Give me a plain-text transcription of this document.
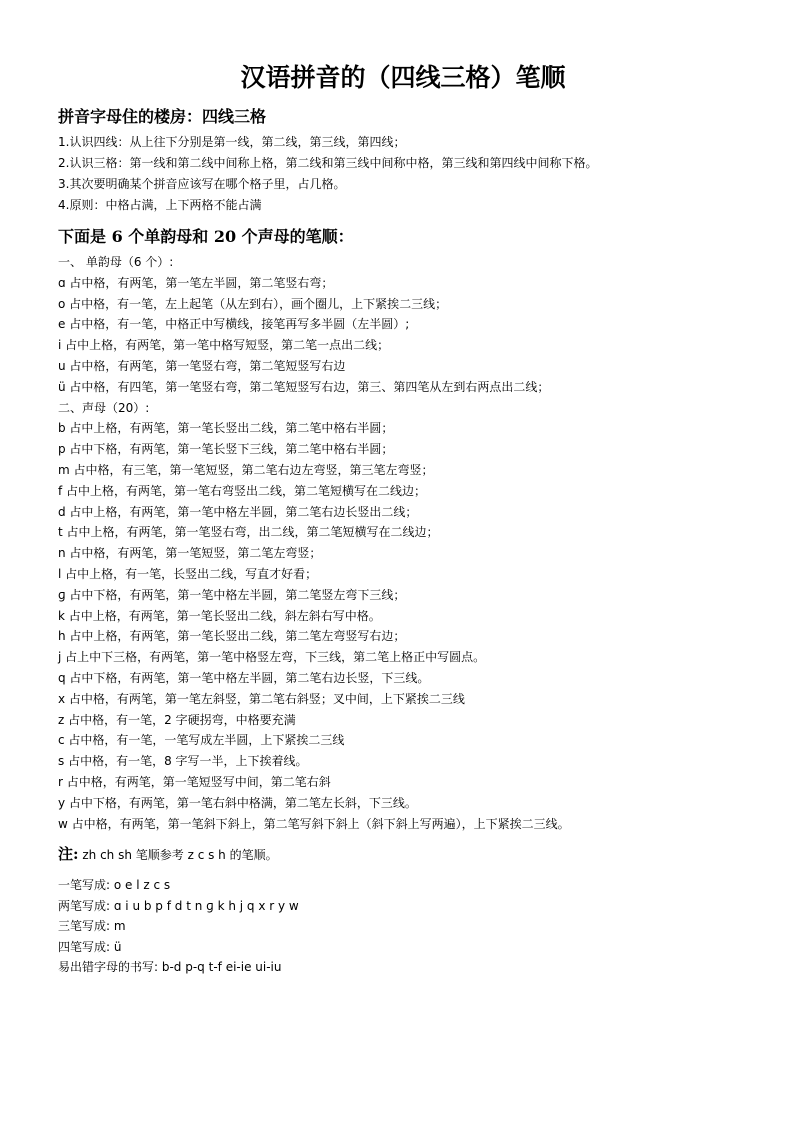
汉语拼音的（四线三格）笔顺
拼音字母住的楼房：四线三格
1.认识四线：从上往下分别是第一线，第二线，第三线，第四线；
2.认识三格：第一线和第二线中间称上格，第二线和第三线中间称中格，第三线和第四线中间称下格。
3.其次要明确某个拼音应该写在哪个格子里，占几格。
4.原则：中格占满，上下两格不能占满
下面是 6 个单韵母和 20 个声母的笔顺：
一、 单韵母（6 个）:
ɑ 占中格，有两笔，第一笔左半圆，第二笔竖右弯；
o 占中格，有一笔，左上起笔（从左到右），画个圈儿，上下紧挨二三线；
e 占中格，有一笔，中格正中写横线，接笔再写多半圆（左半圆）;
i 占中上格，有两笔，第一笔中格写短竖，第二笔一点出二线；
u 占中格，有两笔，第一笔竖右弯，第二笔短竖写右边
ü 占中格，有四笔，第一笔竖右弯，第二笔短竖写右边，第三、第四笔从左到右两点出二线；
二、声母（20）:
b 占中上格，有两笔，第一笔长竖出二线，第二笔中格右半圆；
p 占中下格，有两笔，第一笔长竖下三线，第二笔中格右半圆；
m 占中格，有三笔，第一笔短竖，第二笔右边左弯竖，第三笔左弯竖；
f 占中上格，有两笔，第一笔右弯竖出二线，第二笔短横写在二线边；
d 占中上格，有两笔，第一笔中格左半圆，第二笔右边长竖出二线；
t 占中上格，有两笔，第一笔竖右弯，出二线，第二笔短横写在二线边；
n 占中格，有两笔，第一笔短竖，第二笔左弯竖；
l 占中上格，有一笔，长竖出二线，写直才好看；
ɡ 占中下格，有两笔，第一笔中格左半圆，第二笔竖左弯下三线；
k 占中上格，有两笔，第一笔长竖出二线，斜左斜右写中格。
h 占中上格，有两笔，第一笔长竖出二线，第二笔左弯竖写右边；
j 占上中下三格，有两笔，第一笔中格竖左弯，下三线，第二笔上格正中写圆点。
q 占中下格，有两笔，第一笔中格左半圆，第二笔右边长竖，下三线。
x 占中格，有两笔，第一笔左斜竖，第二笔右斜竖；叉中间，上下紧挨二三线
z 占中格，有一笔，2 字硬拐弯，中格要充满
c 占中格，有一笔，一笔写成左半圆，上下紧挨二三线
s 占中格，有一笔，8 字写一半，上下挨着线。
r 占中格，有两笔，第一笔短竖写中间，第二笔右斜
y 占中下格，有两笔，第一笔右斜中格满，第二笔左长斜，下三线。
w 占中格，有两笔，第一笔斜下斜上，第二笔写斜下斜上（斜下斜上写两遍），上下紧挨二三线。
注: zh ch sh 笔顺参考 z c s h 的笔顺。
一笔写成: o e l z c s
两笔写成: ɑ i u b p f d t n ɡ k h j q x r y w
三笔写成: m
四笔写成: ü
易出错字母的书写: b-d p-q t-f ei-ie ui-iu
